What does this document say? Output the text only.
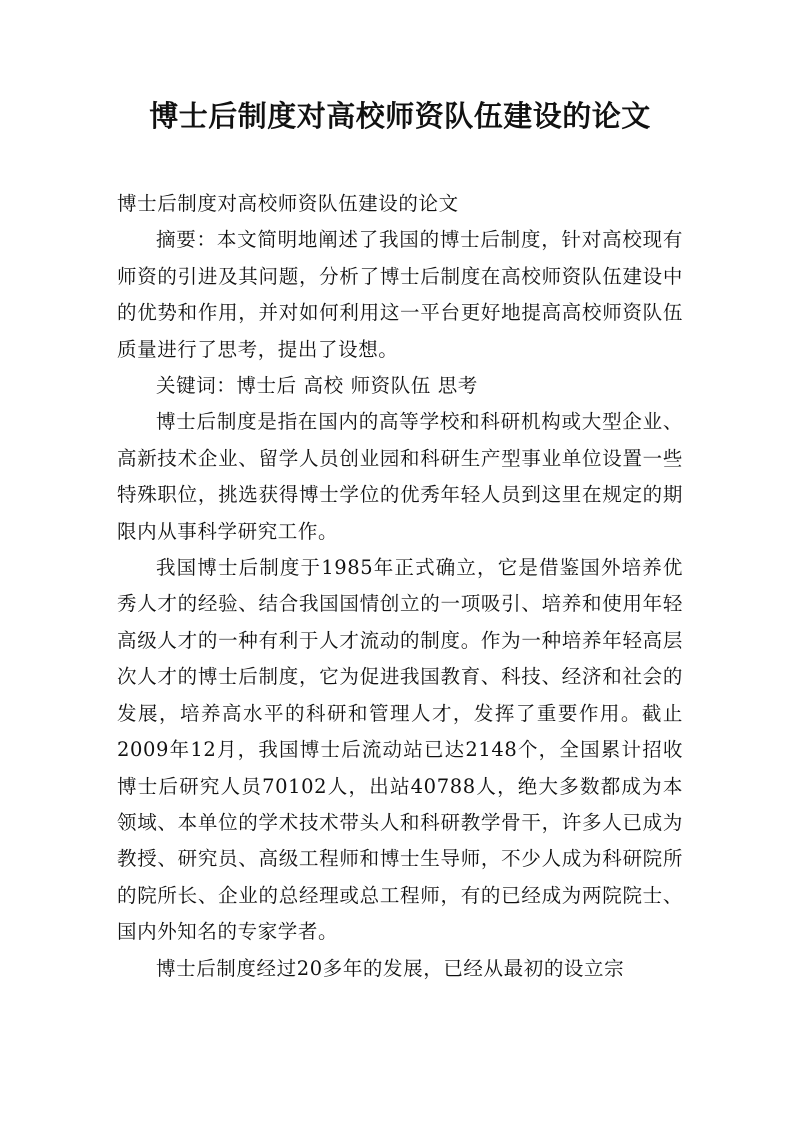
博士后制度对高校师资队伍建设的论文

博士后制度对高校师资队伍建设的论文

摘要：本文简明地阐述了我国的博士后制度，针对高校现有师资的引进及其问题，分析了博士后制度在高校师资队伍建设中的优势和作用，并对如何利用这一平台更好地提高高校师资队伍质量进行了思考，提出了设想。

关键词：博士后 高校 师资队伍 思考

博士后制度是指在国内的高等学校和科研机构或大型企业、高新技术企业、留学人员创业园和科研生产型事业单位设置一些特殊职位，挑选获得博士学位的优秀年轻人员到这里在规定的期限内从事科学研究工作。

我国博士后制度于1985年正式确立，它是借鉴国外培养优秀人才的经验、结合我国国情创立的一项吸引、培养和使用年轻高级人才的一种有利于人才流动的制度。作为一种培养年轻高层次人才的博士后制度，它为促进我国教育、科技、经济和社会的发展，培养高水平的科研和管理人才，发挥了重要作用。截止2009年12月，我国博士后流动站已达2148个，全国累计招收博士后研究人员70102人，出站40788人，绝大多数都成为本领域、本单位的学术技术带头人和科研教学骨干，许多人已成为教授、研究员、高级工程师和博士生导师，不少人成为科研院所的院所长、企业的总经理或总工程师，有的已经成为两院院士、国内外知名的专家学者。

博士后制度经过20多年的发展，已经从最初的设立宗
